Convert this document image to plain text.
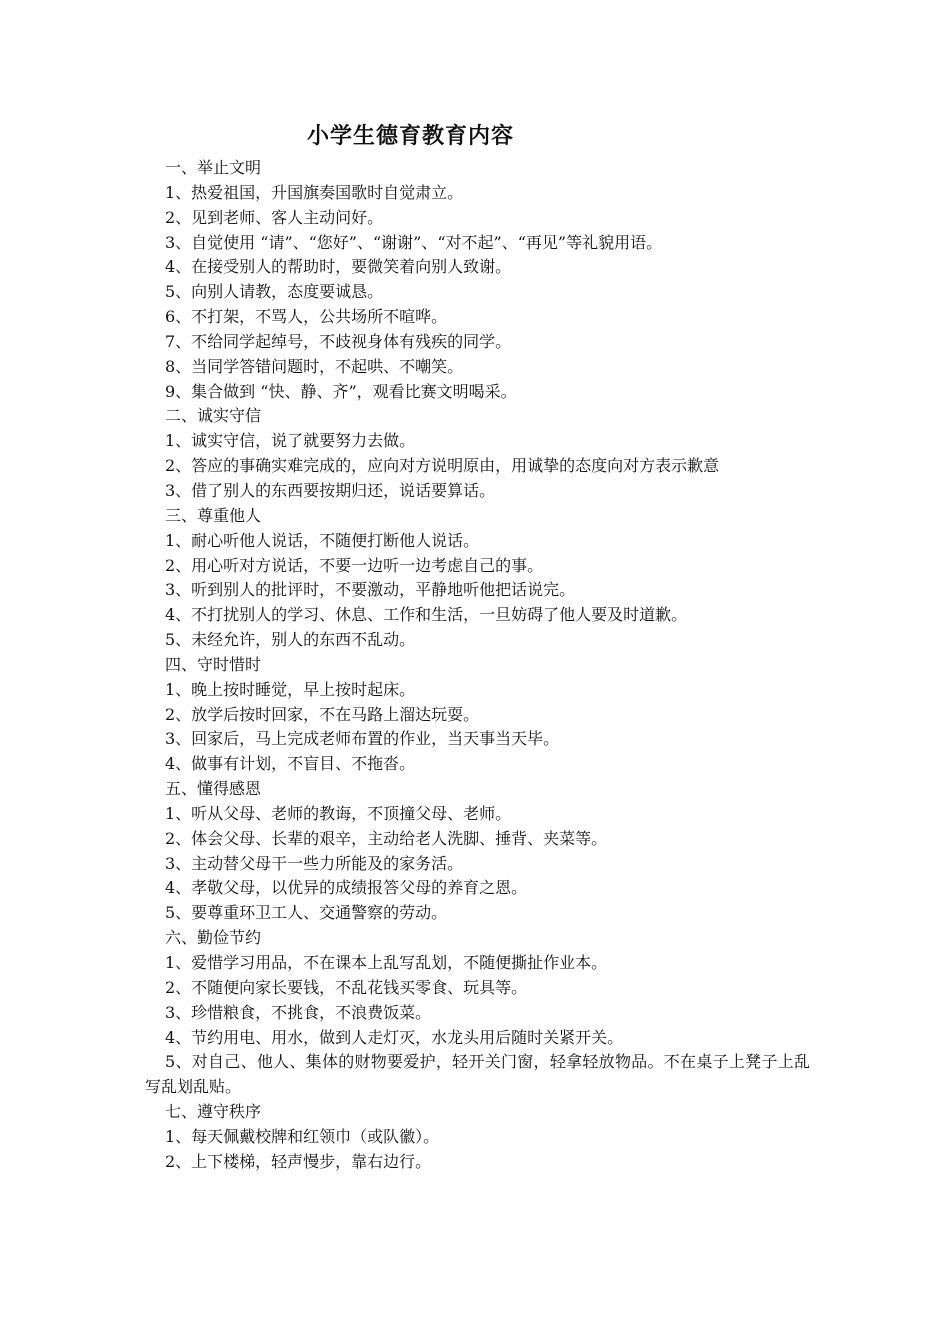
小学生德育教育内容
一、举止文明
1、热爱祖国，升国旗奏国歌时自觉肃立。
2、见到老师、客人主动问好。
3、自觉使用 “请”、“您好”、“谢谢”、“对不起”、“再见”等礼貌用语。
4、在接受别人的帮助时，要微笑着向别人致谢。
5、向别人请教，态度要诚恳。
6、不打架，不骂人，公共场所不喧哗。
7、不给同学起绰号，不歧视身体有残疾的同学。
8、当同学答错问题时，不起哄、不嘲笑。
9、集合做到 “快、静、齐”，观看比赛文明喝采。
二、诚实守信
1、诚实守信，说了就要努力去做。
2、答应的事确实难完成的，应向对方说明原由，用诚挚的态度向对方表示歉意
3、借了别人的东西要按期归还，说话要算话。
三、尊重他人
1、耐心听他人说话，不随便打断他人说话。
2、用心听对方说话，不要一边听一边考虑自己的事。
3、听到别人的批评时，不要激动，平静地听他把话说完。
4、不打扰别人的学习、休息、工作和生活，一旦妨碍了他人要及时道歉。
5、未经允许，别人的东西不乱动。
四、守时惜时
1、晚上按时睡觉，早上按时起床。
2、放学后按时回家，不在马路上溜达玩耍。
3、回家后，马上完成老师布置的作业，当天事当天毕。
4、做事有计划，不盲目、不拖沓。
五、懂得感恩
1、听从父母、老师的教诲，不顶撞父母、老师。
2、体会父母、长辈的艰辛，主动给老人洗脚、捶背、夹菜等。
3、主动替父母干一些力所能及的家务活。
4、孝敬父母，以优异的成绩报答父母的养育之恩。
5、要尊重环卫工人、交通警察的劳动。
六、勤俭节约
1、爱惜学习用品，不在课本上乱写乱划，不随便撕扯作业本。
2、不随便向家长要钱，不乱花钱买零食、玩具等。
3、珍惜粮食，不挑食，不浪费饭菜。
4、节约用电、用水，做到人走灯灭，水龙头用后随时关紧开关。
5、对自己、他人、集体的财物要爱护，轻开关门窗，轻拿轻放物品。不在桌子上凳子上乱写乱划乱贴。
七、遵守秩序
1、每天佩戴校牌和红领巾（或队徽）。
2、上下楼梯，轻声慢步，靠右边行。
